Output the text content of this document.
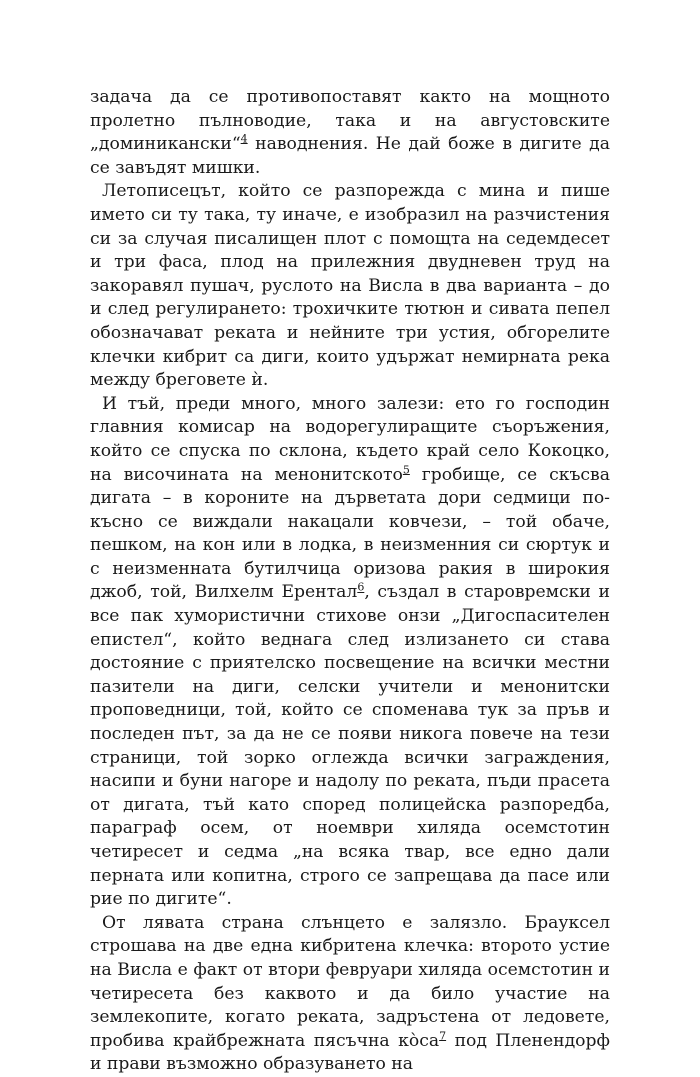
задача да се противопоставят както на мощното пролетно пълноводие, така и на августовските „доминикански“$^4$ наводнения. Не дай боже в дигите да се завъдят мишки.

Летописецът, който се разпорежда с мина и пише името си ту така, ту иначе, е изобразил на разчистения си за случая писалищен плот с помощта на седемдесет и три фаса, плод на прилежния двудневен труд на закоравял пушач, руслото на Висла в два варианта – до и след регулирането: трохичките тютюн и сивата пепел обозначават реката и нейните три устия, обгорелите клечки кибрит са диги, които удържат немирната река между бреговете ѝ.

И тъй, преди много, много залези: ето го господин главния комисар на водорегулиращите съоръжения, който се спуска по склона, където край село Кокоцко, на височината на менонитското$^5$ гробище, се скъсва дигата – в короните на дърветата дори седмици по-късно се виждали накацали ковчези, – той обаче, пешком, на кон или в лодка, в неизменния си сюртук и с неизменната бутилчица оризова ракия в широкия джоб, той, Вилхелм Ерентал$^6$, създал в старовремски и все пак хумористични стихове онзи „Дигоспасителен епистел“, който веднага след излизането си става достояние с приятелско посвещение на всички местни пазители на диги, селски учители и менонитски проповедници, той, който се споменава тук за пръв и последен път, за да не се появи никога повече на тези страници, той зорко оглежда всички заграждения, насипи и буни нагоре и надолу по реката, пъди прасета от дигата, тъй като според полицейска разпоредба, параграф осем, от ноември хиляда осемстотин четиресет и седма „на всяка твар, все едно дали перната или копитна, строго се запрещава да пасе или рие по дигите“.

От лявата страна слънцето е залязло. Брауксел строшава на две една кибритена клечка: второто устие на Висла е факт от втори февруари хиляда осемстотин и четиресета без каквото и да било участие на землекопите, когато реката, задръстена от ледовете, пробива крайбрежната пясъчна ко̀са$^7$ под Пленендорф и прави възможно образуването на
